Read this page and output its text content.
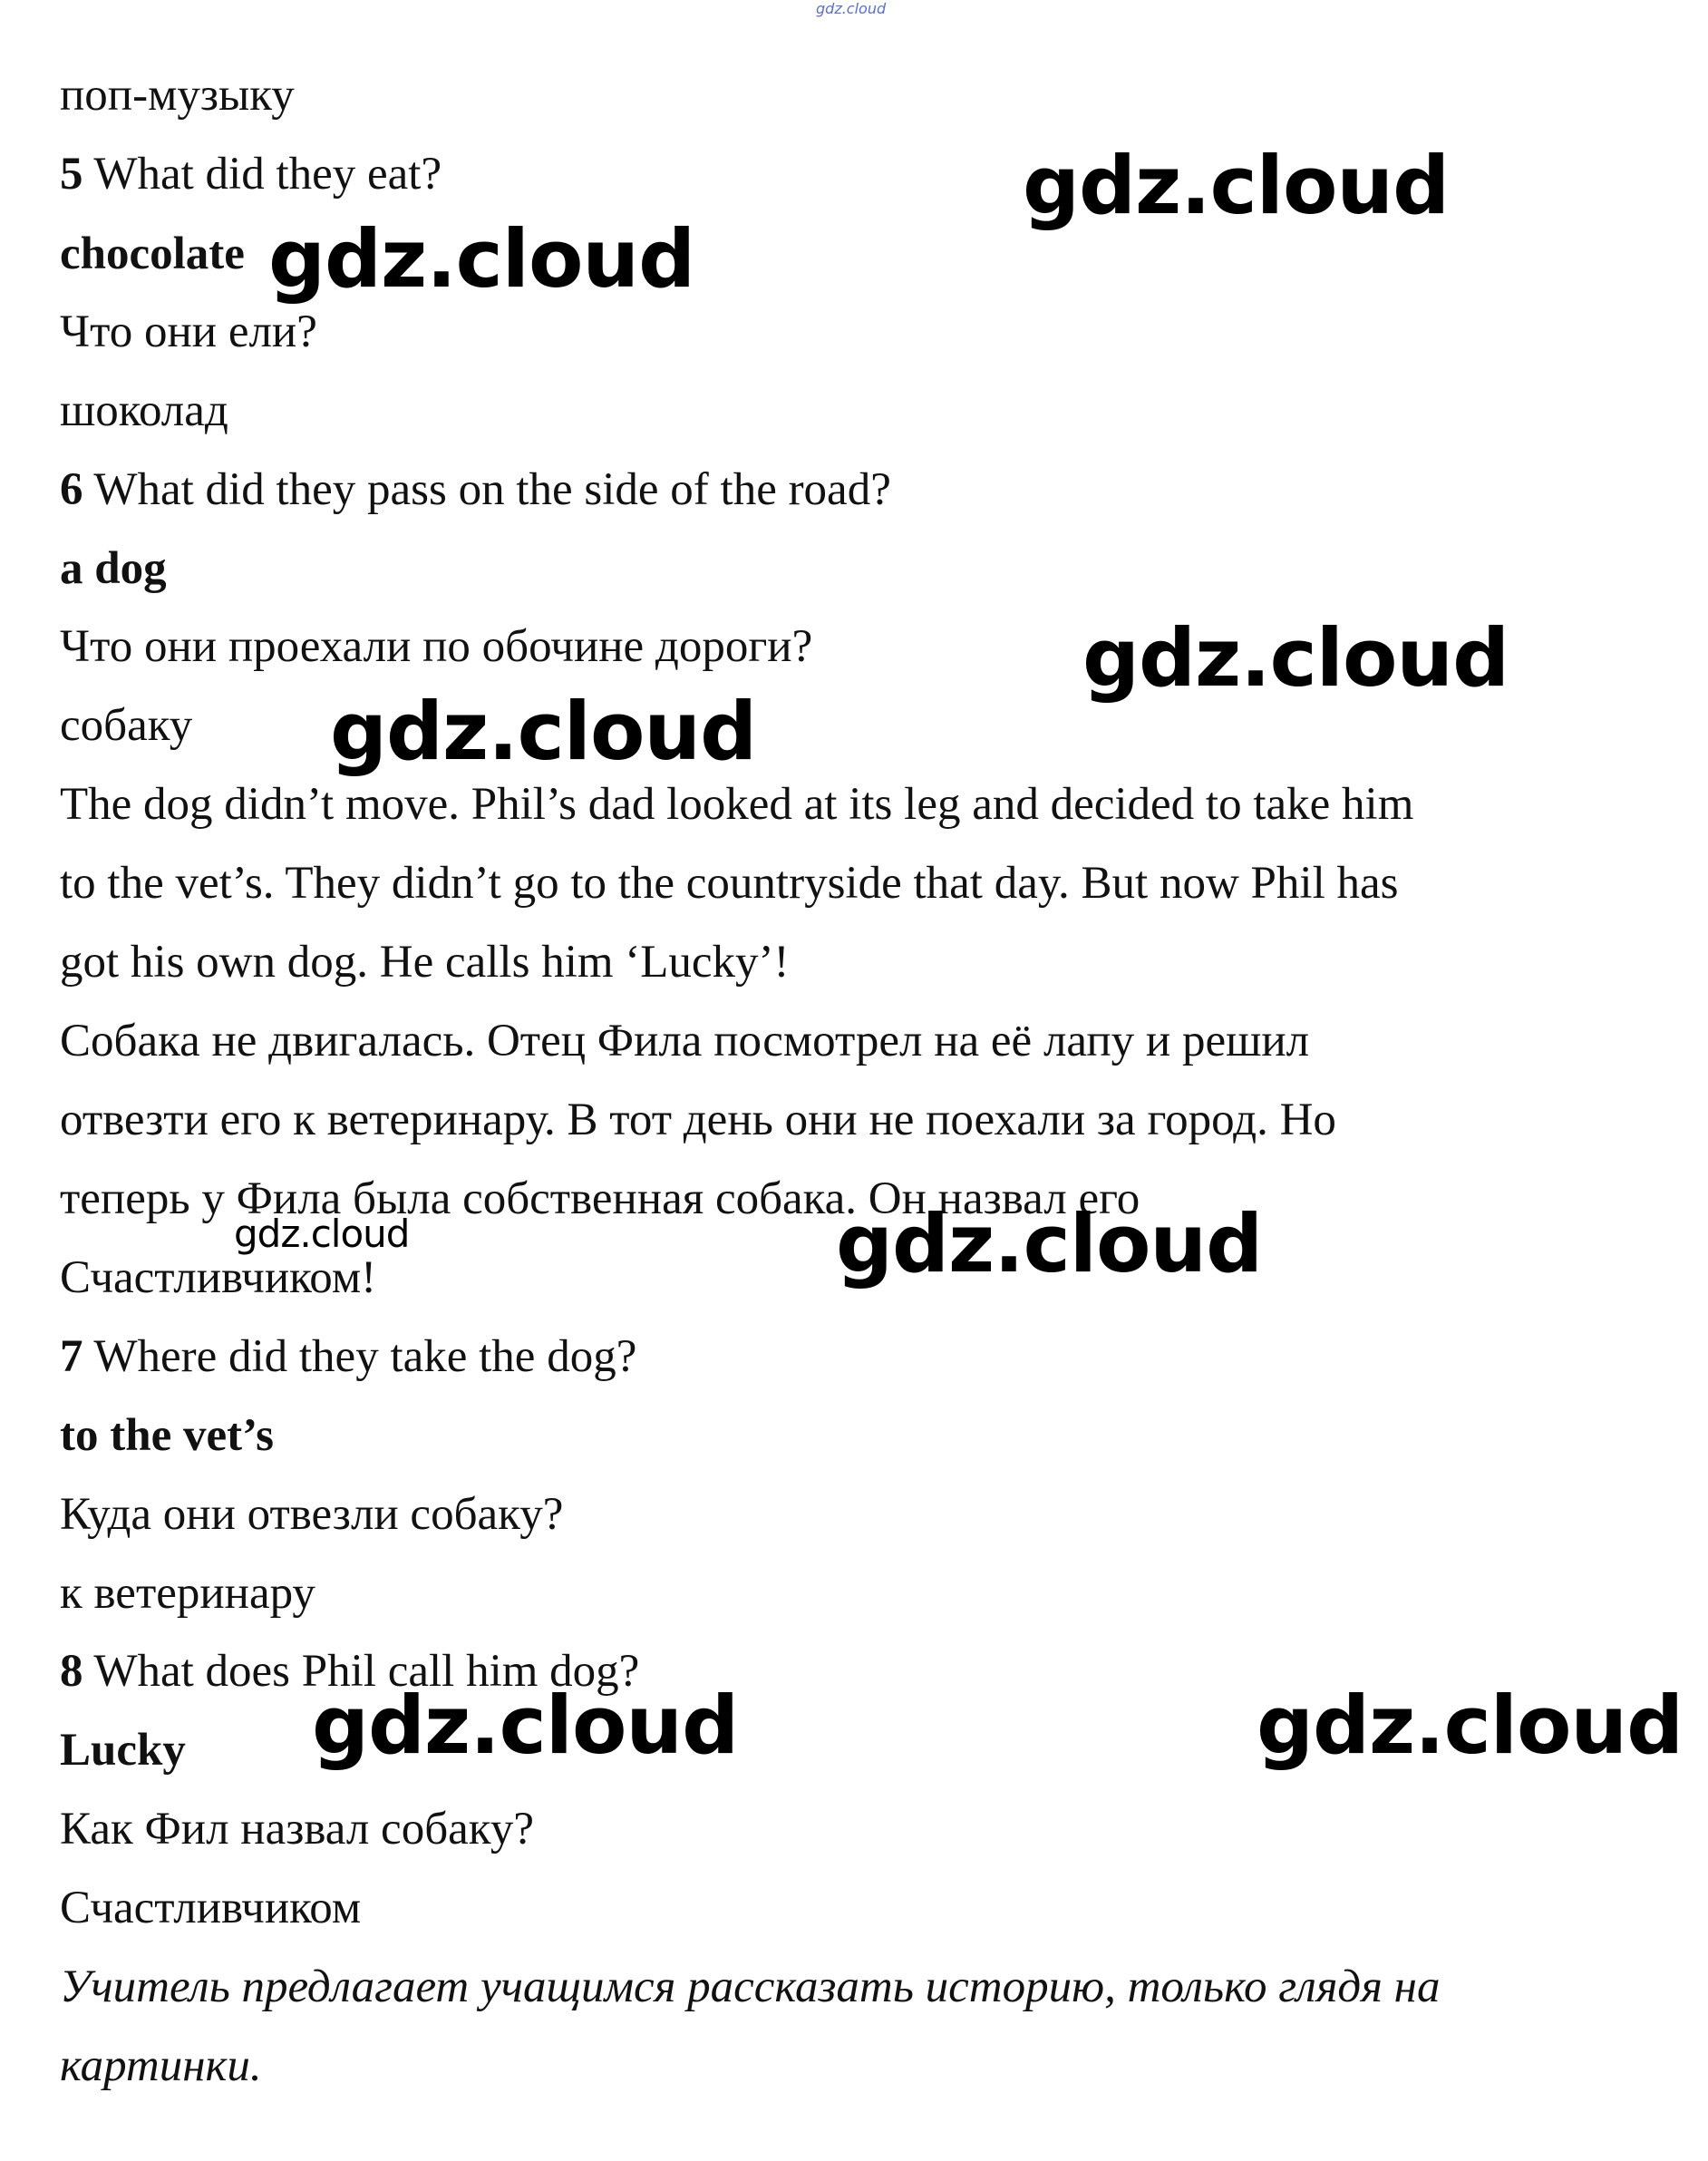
gdz.cloud
поп-музыку
5 What did they eat?
chocolate
Что они ели?
шоколад
6 What did they pass on the side of the road?
a dog
Что они проехали по обочине дороги?
собаку
The dog didn’t move. Phil’s dad looked at its leg and decided to take him
to the vet’s. They didn’t go to the countryside that day. But now Phil has
got his own dog. He calls him ‘Lucky’!
Собака не двигалась. Отец Фила посмотрел на её лапу и решил
отвезти его к ветеринару. В тот день они не поехали за город. Но
теперь у Фила была собственная собака. Он назвал его
Счастливчиком!
7 Where did they take the dog?
to the vet’s
Куда они отвезли собаку?
к ветеринару
8 What does Phil call him dog?
Lucky
Как Фил назвал собаку?
Счастливчиком
Учитель предлагает учащимся рассказать историю, только глядя на
картинки.
gdz.cloud
gdz.cloud
gdz.cloud
gdz.cloud
gdz.cloud	gdz.cloud
gdz.cloud	gdz.cloud
